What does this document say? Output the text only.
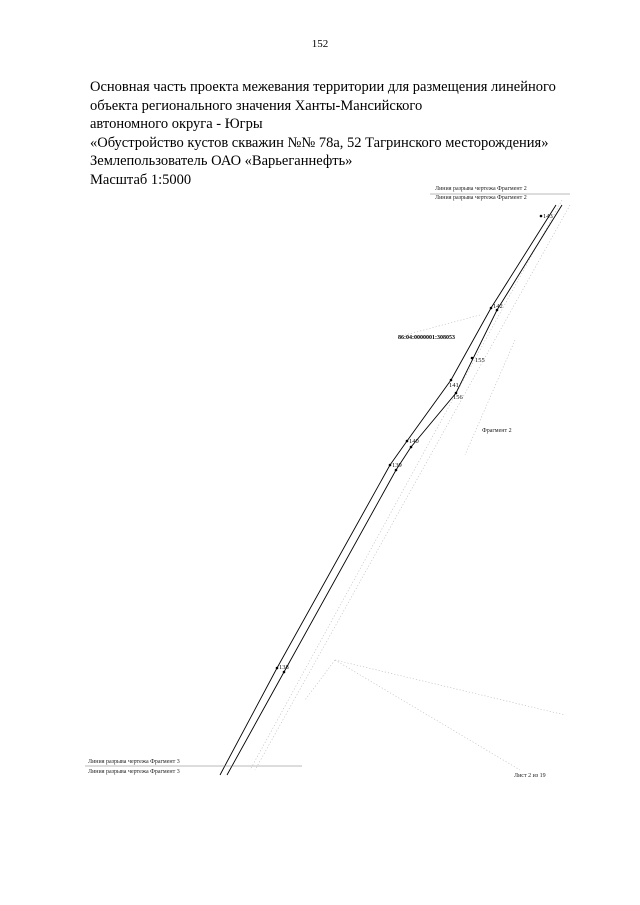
152
Основная часть проекта межевания территории для размещения линейного
объекта регионального значения Ханты-Мансийского
автономного округа - Югры
«Обустройство кустов скважин №№ 78а, 52 Тагринского месторождения»
Землепользователь ОАО «Варьеганнефть»
Масштаб 1:5000
143
142
155
141
156
140
139
138
Линия разрыва чертежа Фрагмент 2
Линия разрыва чертежа Фрагмент 2
86:04:0000001:308053
Фрагмент 2
Линия разрыва чертежа Фрагмент 3
Линия разрыва чертежа Фрагмент 3
Лист 2 из 19
